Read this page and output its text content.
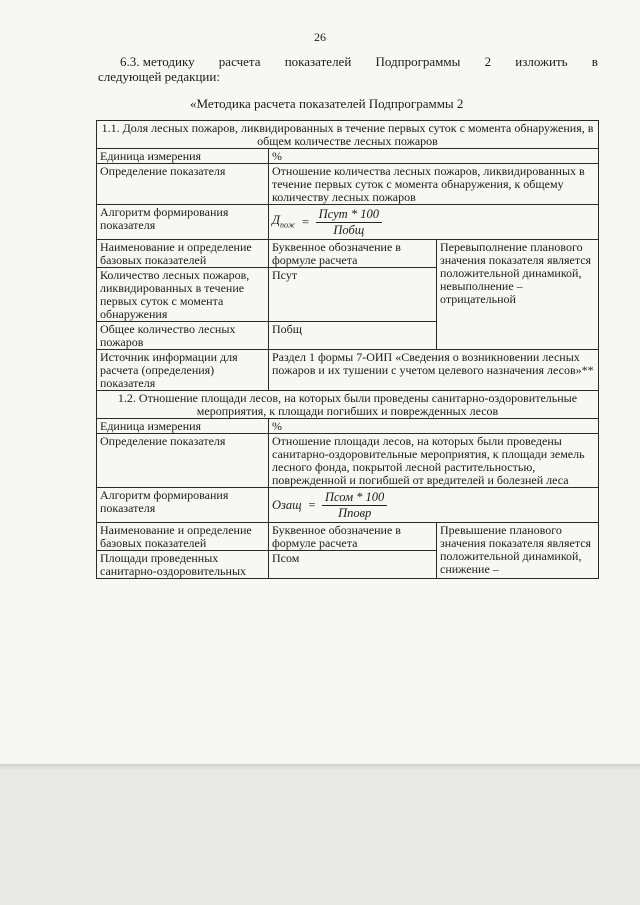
26
6.3. методику расчета показателей Подпрограммы 2 изложить в
следующей редакции:
«Методика расчета показателей Подпрограммы 2
1.1. Доля лесных пожаров, ликвидированных в течение первых суток с момента обнаружения, в общем количестве лесных пожаров		
Единица измерения	%	
Определение показателя	Отношение количества лесных пожаров, ликвидированных в течение первых суток с момента обнаружения, к общему количеству лесных пожаров	
Алгоритм формирования показателя	$Д_{пож} = \frac{\text{Псут * 100}}{\text{Побщ}}$

Наименование и определение базовых показателей	Буквенное обозначение в формуле расчета	Перевыполнение планового значения показателя является положительной динамикой, невыполнение – отрицательной
Количество лесных пожаров, ликвидированных в течение первых суток с момента обнаружения	Псут	
Общее количество лесных пожаров	Побщ	
Источник информации для расчета (определения) показателя	Раздел 1 формы 7-ОИП «Сведения о возникновении лесных пожаров и их тушении с учетом целевого назначения лесов»**	
1.2. Отношение площади лесов, на которых были проведены санитарно-оздоровительные мероприятия, к площади погибших и поврежденных лесов		
Единица измерения	%	
Определение показателя	Отношение площади лесов, на которых были проведены санитарно-оздоровительные мероприятия, к площади земель лесного фонда, покрытой лесной растительностью, поврежденной и погибшей от вредителей и болезней леса	
Алгоритм формирования показателя	Озащ = $\frac{\text{Псом * 100}}{\text{Пповр}}$

Наименование и определение базовых показателей	Буквенное обозначение в формуле расчета	Превышение планового значения показателя является положительной динамикой, снижение –
Площади проведенных санитарно-оздоровительных	Псом	
